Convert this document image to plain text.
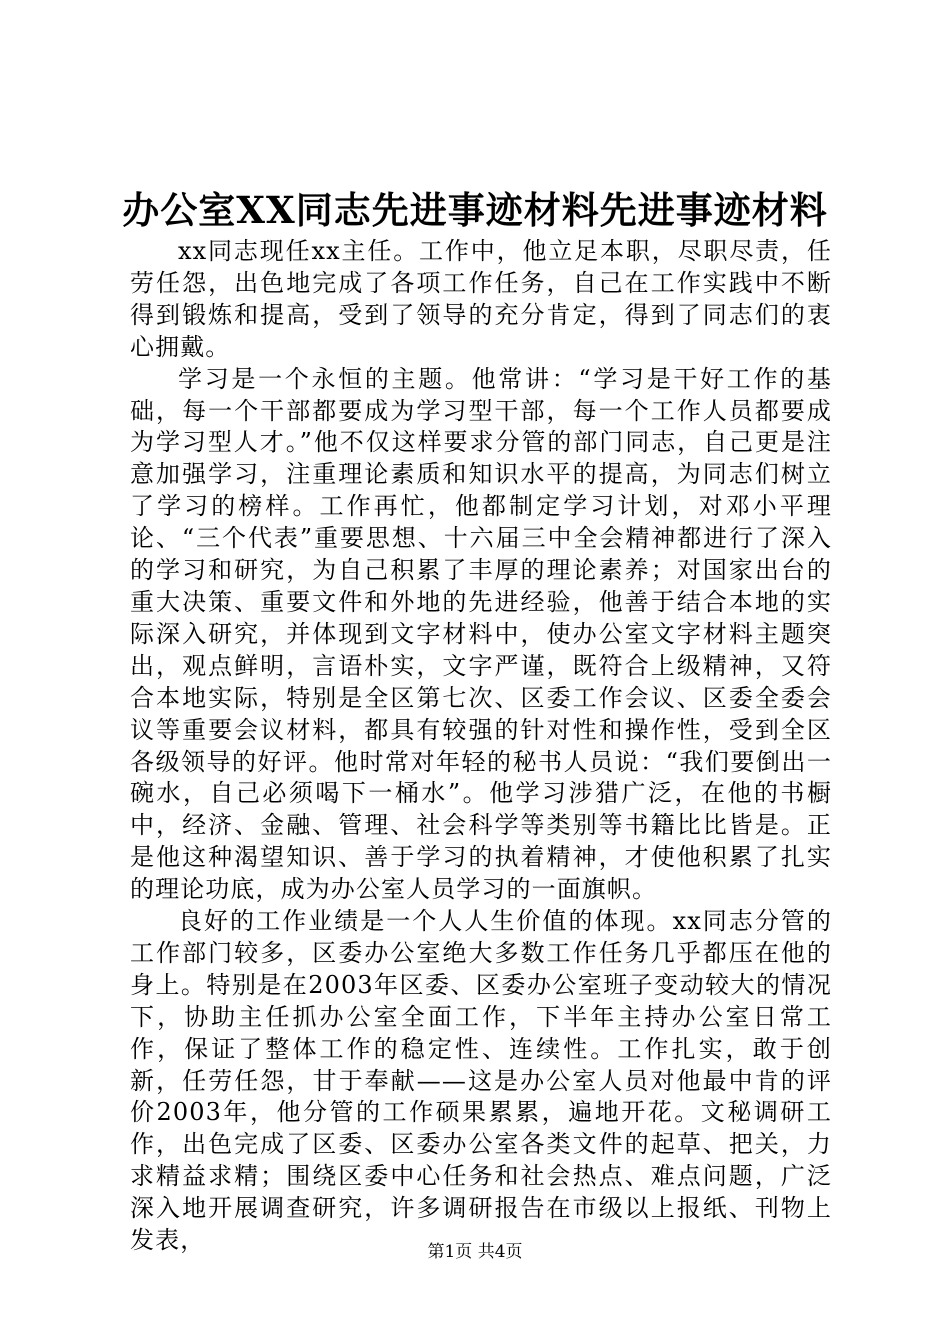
办公室XX同志先进事迹材料先进事迹材料

xx同志现任xx主任。工作中，他立足本职，尽职尽责，任劳任怨，出色地完成了各项工作任务，自己在工作实践中不断得到锻炼和提高，受到了领导的充分肯定，得到了同志们的衷心拥戴。

学习是一个永恒的主题。他常讲：“学习是干好工作的基础，每一个干部都要成为学习型干部，每一个工作人员都要成为学习型人才。”他不仅这样要求分管的部门同志，自己更是注意加强学习，注重理论素质和知识水平的提高，为同志们树立了学习的榜样。工作再忙，他都制定学习计划，对邓小平理论、“三个代表”重要思想、十六届三中全会精神都进行了深入的学习和研究，为自己积累了丰厚的理论素养；对国家出台的重大决策、重要文件和外地的先进经验，他善于结合本地的实际深入研究，并体现到文字材料中，使办公室文字材料主题突出，观点鲜明，言语朴实，文字严谨，既符合上级精神，又符合本地实际，特别是全区第七次、区委工作会议、区委全委会议等重要会议材料，都具有较强的针对性和操作性，受到全区各级领导的好评。他时常对年轻的秘书人员说：“我们要倒出一碗水，自己必须喝下一桶水”。他学习涉猎广泛，在他的书橱中，经济、金融、管理、社会科学等类别等书籍比比皆是。正是他这种渴望知识、善于学习的执着精神，才使他积累了扎实的理论功底，成为办公室人员学习的一面旗帜。

良好的工作业绩是一个人人生价值的体现。xx同志分管的工作部门较多，区委办公室绝大多数工作任务几乎都压在他的身上。特别是在2003年区委、区委办公室班子变动较大的情况下，协助主任抓办公室全面工作，下半年主持办公室日常工作，保证了整体工作的稳定性、连续性。工作扎实，敢于创新，任劳任怨，甘于奉献——这是办公室人员对他最中肯的评价2003年，他分管的工作硕果累累，遍地开花。文秘调研工作，出色完成了区委、区委办公室各类文件的起草、把关，力求精益求精；围绕区委中心任务和社会热点、难点问题，广泛深入地开展调查研究，许多调研报告在市级以上报纸、刊物上发表，	第1页 共4页
